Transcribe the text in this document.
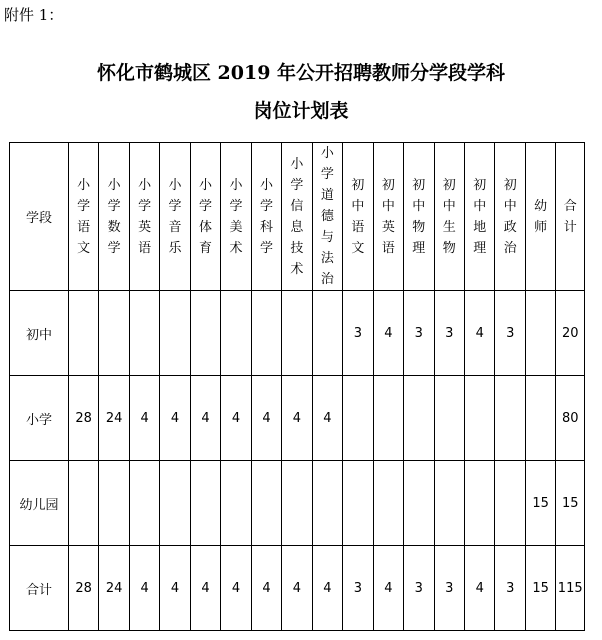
附件 1：
怀化市鹤城区 2019 年公开招聘教师分学段学科
岗位计划表
学段	小学语文	小学数学	小学英语	小学音乐	小学体育	小学美术	小学科学	小学信息技术	小学道德与法治	初中语文	初中英语	初中物理	初中生物	初中地理	初中政治	幼师	合计
初中										3	4	3	3	4	3		20
小学	28	24	4	4	4	4	4	4	4								80
幼儿园																15	15
合计	28	24	4	4	4	4	4	4	4	3	4	3	3	4	3	15	115
